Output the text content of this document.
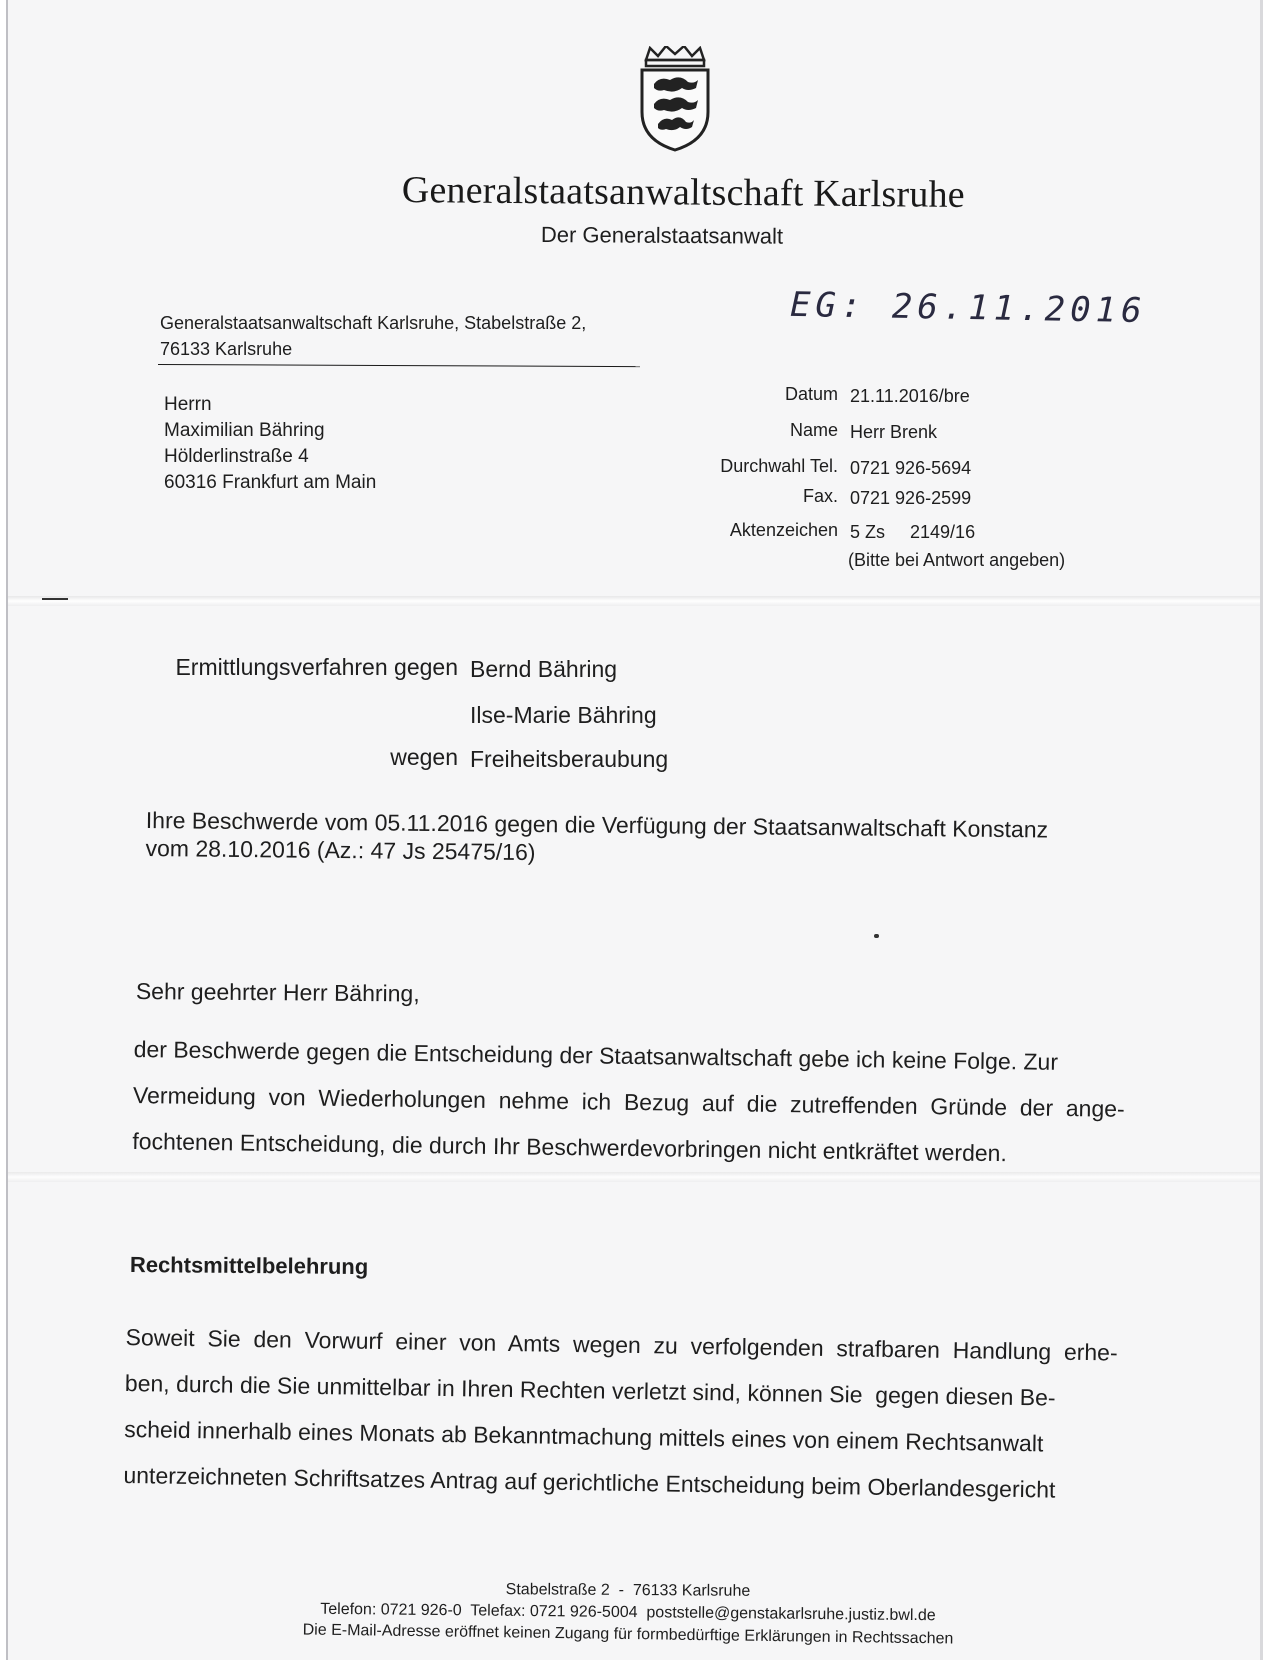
Generalstaatsanwaltschaft Karlsruhe
Der Generalstaatsanwalt
EG: 26.11.2016
Generalstaatsanwaltschaft Karlsruhe, Stabelstraße 2,
76133 Karlsruhe
Herrn
Maximilian Bähring
Hölderlinstraße 4
60316 Frankfurt am Main
Datum 21.11.2016/bre
Name Herr Brenk
Durchwahl Tel. 0721 926-5694
Fax. 0721 926-2599
Aktenzeichen 5 Zs     2149/16
(Bitte bei Antwort angeben)
Ermittlungsverfahren gegen Bernd Bähring
Ilse-Marie Bähring
wegen Freiheitsberaubung
Ihre Beschwerde vom 05.11.2016 gegen die Verfügung der Staatsanwaltschaft Konstanz
vom 28.10.2016 (Az.: 47 Js 25475/16)
Sehr geehrter Herr Bähring,
der Beschwerde gegen die Entscheidung der Staatsanwaltschaft gebe ich keine Folge. Zur
Vermeidung  von  Wiederholungen  nehme  ich  Bezug  auf  die  zutreffenden  Gründe  der  ange-
fochtenen Entscheidung, die durch Ihr Beschwerdevorbringen nicht entkräftet werden.
Rechtsmittelbelehrung
Soweit  Sie  den  Vorwurf  einer  von  Amts  wegen  zu  verfolgenden  strafbaren  Handlung  erhe-
ben, durch die Sie unmittelbar in Ihren Rechten verletzt sind, können Sie  gegen diesen Be-
scheid innerhalb eines Monats ab Bekanntmachung mittels eines von einem Rechtsanwalt
unterzeichneten Schriftsatzes Antrag auf gerichtliche Entscheidung beim Oberlandesgericht
Stabelstraße 2  -  76133 Karlsruhe
Telefon: 0721 926-0  Telefax: 0721 926-5004  poststelle@genstakarlsruhe.justiz.bwl.de
Die E-Mail-Adresse eröffnet keinen Zugang für formbedürftige Erklärungen in Rechtssachen
